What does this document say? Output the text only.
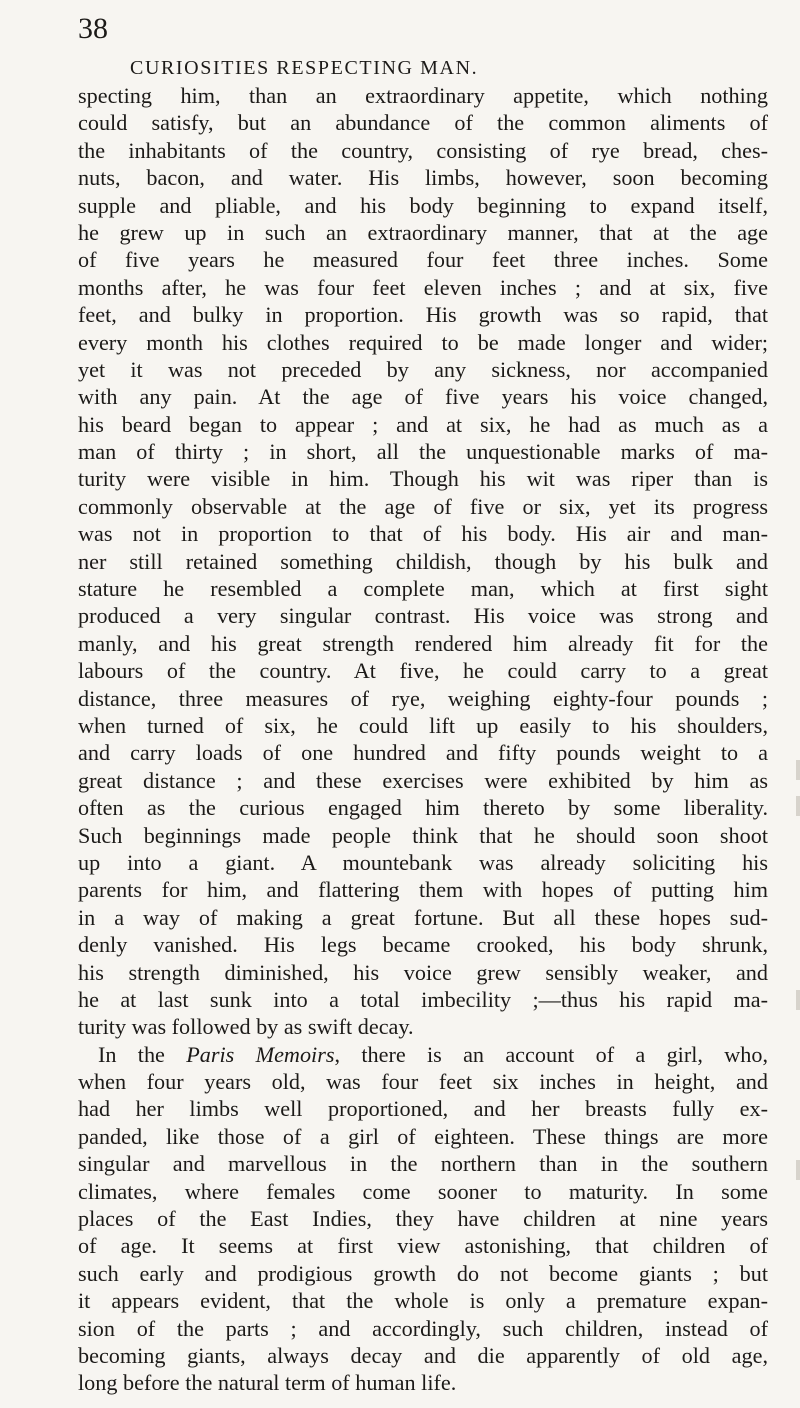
38
CURIOSITIES RESPECTING MAN.
specting him, than an extraordinary appetite, which nothing
could satisfy, but an abundance of the common aliments of
the inhabitants of the country, consisting of rye bread, ches-
nuts, bacon, and water. His limbs, however, soon becoming
supple and pliable, and his body beginning to expand itself,
he grew up in such an extraordinary manner, that at the age
of five years he measured four feet three inches. Some
months after, he was four feet eleven inches ; and at six, five
feet, and bulky in proportion. His growth was so rapid, that
every month his clothes required to be made longer and wider;
yet it was not preceded by any sickness, nor accompanied
with any pain. At the age of five years his voice changed,
his beard began to appear ; and at six, he had as much as a
man of thirty ; in short, all the unquestionable marks of ma-
turity were visible in him. Though his wit was riper than is
commonly observable at the age of five or six, yet its progress
was not in proportion to that of his body. His air and man-
ner still retained something childish, though by his bulk and
stature he resembled a complete man, which at first sight
produced a very singular contrast. His voice was strong and
manly, and his great strength rendered him already fit for the
labours of the country. At five, he could carry to a great
distance, three measures of rye, weighing eighty-four pounds ;
when turned of six, he could lift up easily to his shoulders,
and carry loads of one hundred and fifty pounds weight to a
great distance ; and these exercises were exhibited by him as
often as the curious engaged him thereto by some liberality.
Such beginnings made people think that he should soon shoot
up into a giant. A mountebank was already soliciting his
parents for him, and flattering them with hopes of putting him
in a way of making a great fortune. But all these hopes sud-
denly vanished. His legs became crooked, his body shrunk,
his strength diminished, his voice grew sensibly weaker, and
he at last sunk into a total imbecility ;—thus his rapid ma-
turity was followed by as swift decay.
In the Paris Memoirs, there is an account of a girl, who,
when four years old, was four feet six inches in height, and
had her limbs well proportioned, and her breasts fully ex-
panded, like those of a girl of eighteen. These things are more
singular and marvellous in the northern than in the southern
climates, where females come sooner to maturity. In some
places of the East Indies, they have children at nine years
of age. It seems at first view astonishing, that children of
such early and prodigious growth do not become giants ; but
it appears evident, that the whole is only a premature expan-
sion of the parts ; and accordingly, such children, instead of
becoming giants, always decay and die apparently of old age,
long before the natural term of human life.
